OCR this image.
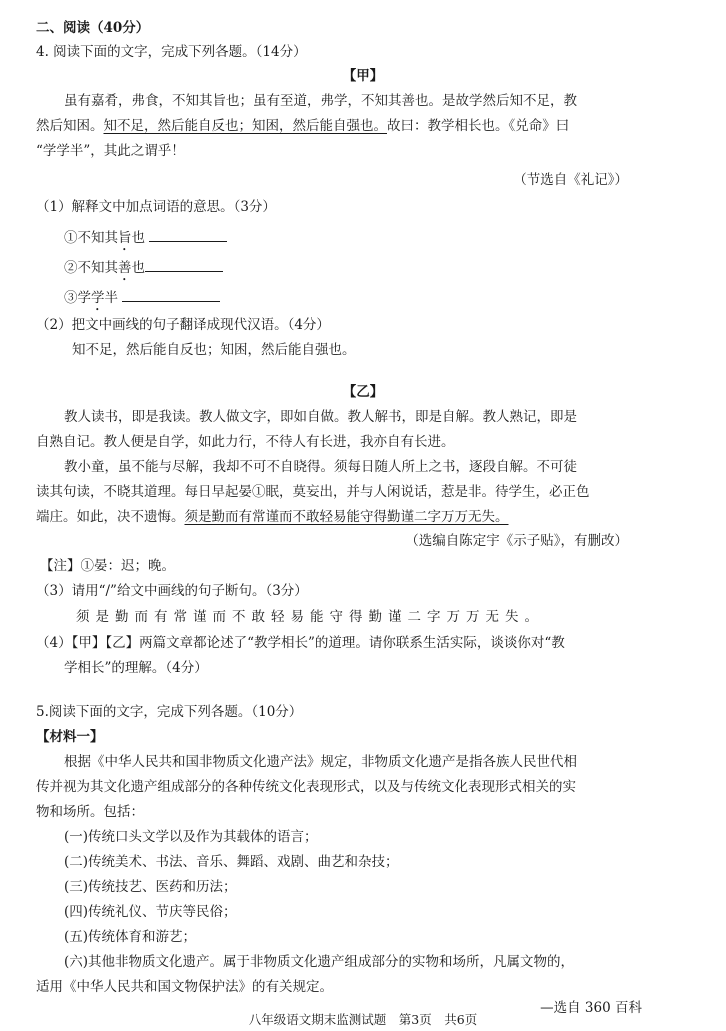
二、阅读（40分）
4. 阅读下面的文字，完成下列各题。（14分）
【甲】
虽有嘉肴，弗食，不知其旨也；虽有至道，弗学，不知其善也。是故学然后知不足，教
然后知困。知不足，然后能自反也；知困，然后能自强也。故曰：教学相长也。《兑命》曰
“学学半”，其此之谓乎！
（节选自《礼记》）
（1）解释文中加点词语的意思。（3分）
①不知其旨也
②不知其善也
③学学半
（2）把文中画线的句子翻译成现代汉语。（4分）
知不足，然后能自反也；知困，然后能自强也。
【乙】
教人读书，即是我读。教人做文字，即如自做。教人解书，即是自解。教人熟记，即是
自熟自记。教人便是自学，如此力行，不待人有长进，我亦自有长进。
教小童，虽不能与尽解，我却不可不自晓得。须每日随人所上之书，逐段自解。不可徒
读其句读，不晓其道理。每日早起晏①眠，莫妄出，并与人闲说话，惹是非。待学生，必正色
端庄。如此，决不遗悔。须是勤而有常谨而不敢轻易能守得勤谨二字万万无失。
（选编自陈定宇《示子贴》，有删改）
【注】①晏：迟；晚。
（3）请用“/”给文中画线的句子断句。（3分）
须是勤而有常谨而不敢轻易能守得勤谨二字万万无失。
（4）【甲】【乙】两篇文章都论述了“教学相长”的道理。请你联系生活实际，谈谈你对“教
学相长”的理解。（4分）
5.阅读下面的文字，完成下列各题。（10分）
【材料一】
根据《中华人民共和国非物质文化遗产法》规定，非物质文化遗产是指各族人民世代相
传并视为其文化遗产组成部分的各种传统文化表现形式，以及与传统文化表现形式相关的实
物和场所。包括：
(一)传统口头文学以及作为其载体的语言；
(二)传统美术、书法、音乐、舞蹈、戏剧、曲艺和杂技；
(三)传统技艺、医药和历法；
(四)传统礼仪、节庆等民俗；
(五)传统体育和游艺；
(六)其他非物质文化遗产。属于非物质文化遗产组成部分的实物和场所，凡属文物的，
适用《中华人民共和国文物保护法》的有关规定。
—选自 360 百科
八年级语文期末监测试题　第3页　共6页
